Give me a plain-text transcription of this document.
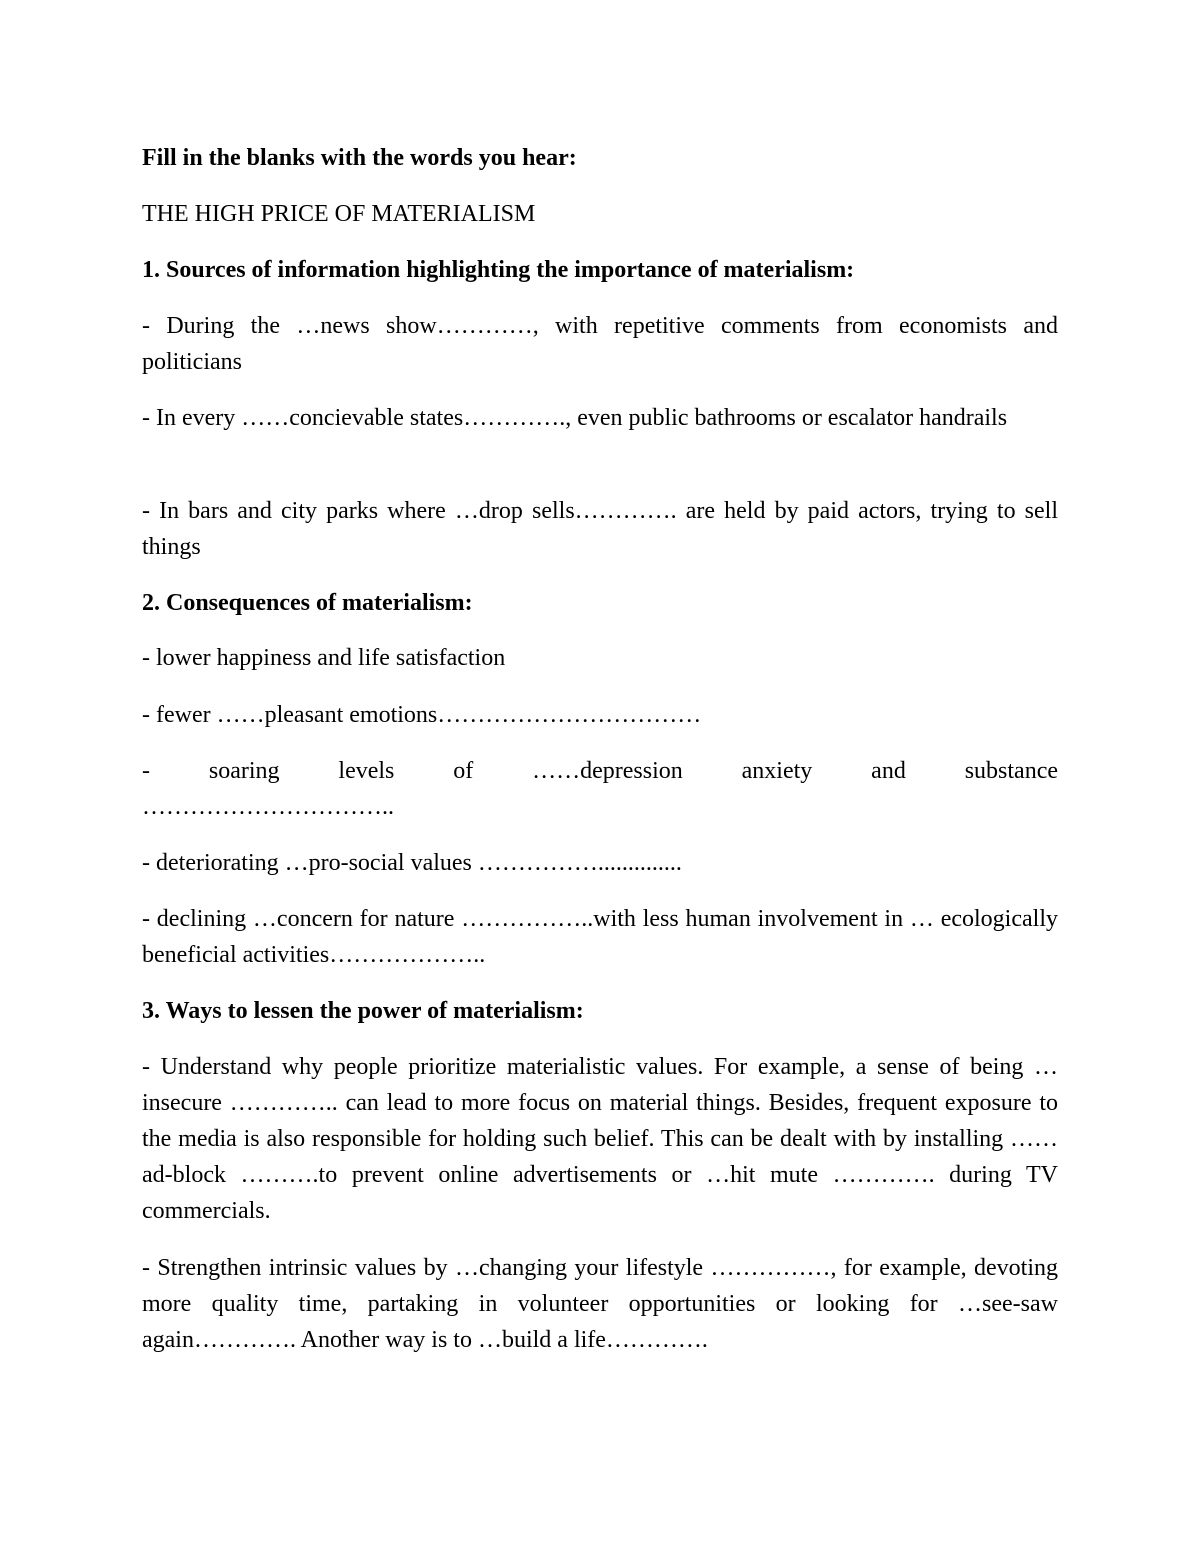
Fill in the blanks with the words you hear:

THE HIGH PRICE OF MATERIALISM

1. Sources of information highlighting the importance of materialism:

- During the …news show…………, with repetitive comments from economists and politicians

- In every ……concievable states…………., even public bathrooms or escalator handrails

- In bars and city parks where …drop sells…………. are held by paid actors, trying to sell things

2. Consequences of materialism:

- lower happiness and life satisfaction

- fewer ……pleasant emotions……………………………

- soaring levels of ……depression anxiety and substance

…………………………..

- deteriorating …pro-social values ……………..............

- declining …concern for nature ……………..with less human involvement in … ecologically beneficial activities………………..

3. Ways to lessen the power of materialism:

- Understand why people prioritize materialistic values. For example, a sense of being …insecure ………….. can lead to more focus on material things. Besides, frequent exposure to the media is also responsible for holding such belief. This can be dealt with by installing ……ad-block ……….to prevent online advertisements or …hit mute …………. during TV commercials.

- Strengthen intrinsic values by …changing your lifestyle ……………, for example, devoting more quality time, partaking in volunteer opportunities or looking for …see-saw again…………. Another way is to …build a life………….
